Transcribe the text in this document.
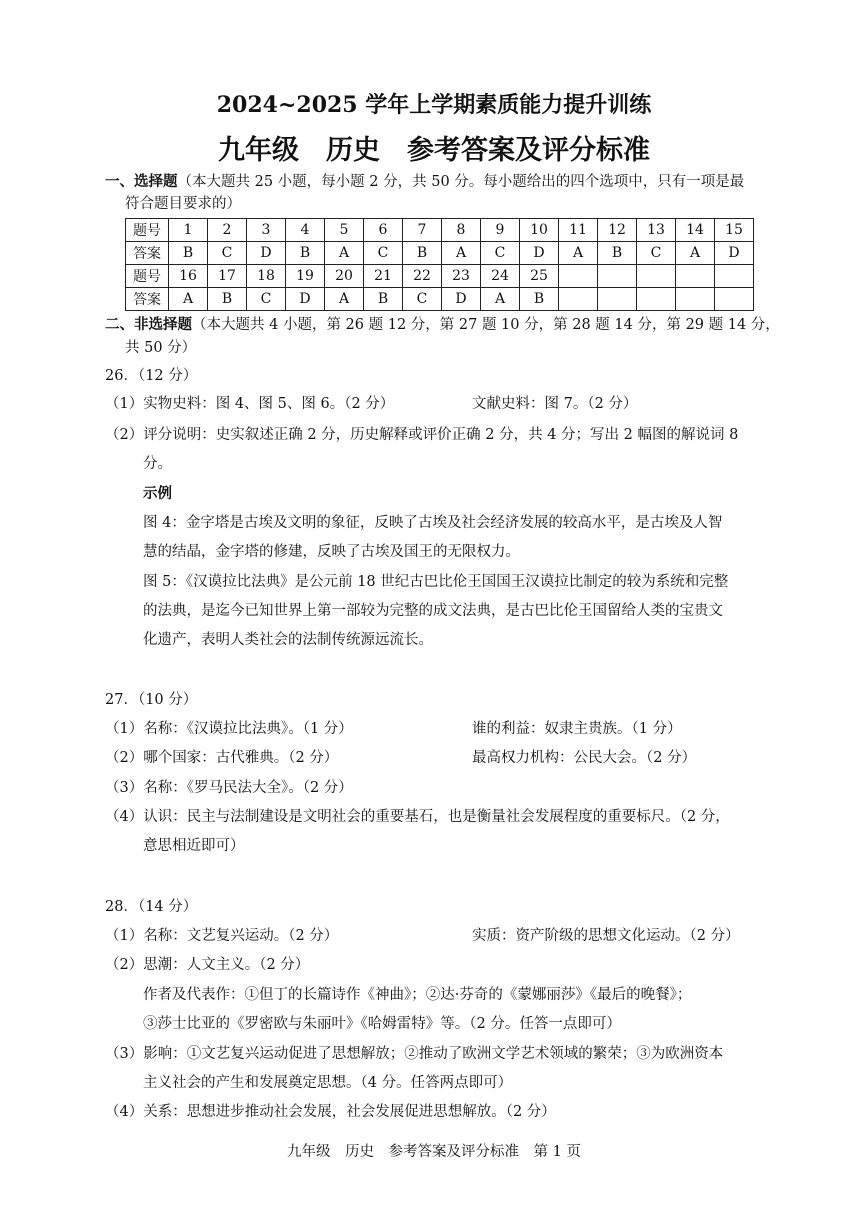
2024~2025 学年上学期素质能力提升训练
九年级　历史　参考答案及评分标准
一、选择题（本大题共 25 小题，每小题 2 分，共 50 分。每小题给出的四个选项中，只有一项是最
符合题目要求的）
题号	1	2	3	4	5	6	7	8	9	10	11	12	13	14	15
答案	B	C	D	B	A	C	B	A	C	D	A	B	C	A	D
题号	16	17	18	19	20	21	22	23	24	25					
答案	A	B	C	D	A	B	C	D	A	B					
二、非选择题（本大题共 4 小题，第 26 题 12 分，第 27 题 10 分，第 28 题 14 分，第 29 题 14 分，
共 50 分）
26．（12 分）
（1）实物史料：图 4、图 5、图 6。（2 分）	文献史料：图 7。（2 分）
（2）评分说明：史实叙述正确 2 分，历史解释或评价正确 2 分，共 4 分；写出 2 幅图的解说词 8
分。
示例
图 4：金字塔是古埃及文明的象征，反映了古埃及社会经济发展的较高水平，是古埃及人智
慧的结晶，金字塔的修建，反映了古埃及国王的无限权力。
图 5：《汉谟拉比法典》是公元前 18 世纪古巴比伦王国国王汉谟拉比制定的较为系统和完整
的法典，是迄今已知世界上第一部较为完整的成文法典，是古巴比伦王国留给人类的宝贵文
化遗产，表明人类社会的法制传统源远流长。
27．（10 分）
（1）名称：《汉谟拉比法典》。（1 分）	谁的利益：奴隶主贵族。（1 分）
（2）哪个国家：古代雅典。（2 分）	最高权力机构：公民大会。（2 分）
（3）名称：《罗马民法大全》。（2 分）
（4）认识：民主与法制建设是文明社会的重要基石，也是衡量社会发展程度的重要标尺。（2 分，
意思相近即可）
28．（14 分）
（1）名称：文艺复兴运动。（2 分）	实质：资产阶级的思想文化运动。（2 分）
（2）思潮：人文主义。（2 分）
作者及代表作：①但丁的长篇诗作《神曲》；②达·芬奇的《蒙娜丽莎》《最后的晚餐》；
③莎士比亚的《罗密欧与朱丽叶》《哈姆雷特》等。（2 分。任答一点即可）
（3）影响：①文艺复兴运动促进了思想解放；②推动了欧洲文学艺术领域的繁荣；③为欧洲资本
主义社会的产生和发展奠定思想。（4 分。任答两点即可）
（4）关系：思想进步推动社会发展，社会发展促进思想解放。（2 分）
九年级　历史　参考答案及评分标准　第 1 页
